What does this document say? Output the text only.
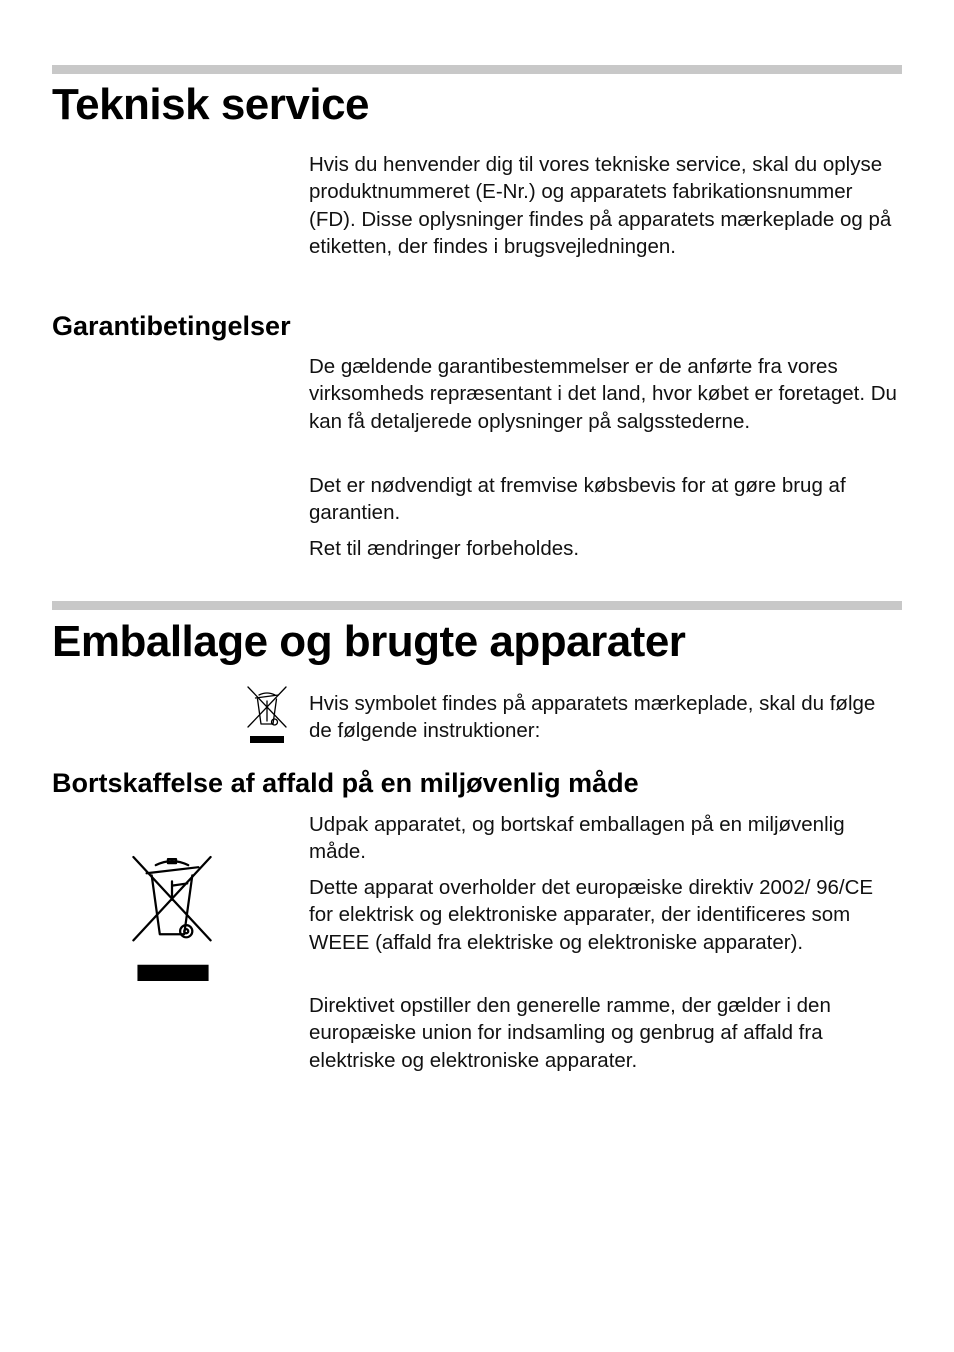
Teknisk service

Hvis du henvender dig til vores tekniske service, skal du oplyse produktnummeret (E-Nr.) og apparatets fabrikationsnummer (FD). Disse oplysninger findes på apparatets mærkeplade og på etiketten, der findes i brugsvejledningen.

Garantibetingelser

De gældende garantibestemmelser er de anførte fra vores virksomheds repræsentant i det land, hvor købet er foretaget. Du kan få detaljerede oplysninger på salgsstederne.

Det er nødvendigt at fremvise købsbevis for at gøre brug af garantien.

Ret til ændringer forbeholdes.

Emballage og brugte apparater

Hvis symbolet findes på apparatets mærkeplade, skal du følge de følgende instruktioner:

Bortskaffelse af affald på en miljøvenlig måde

Udpak apparatet, og bortskaf emballagen på en miljøvenlig måde.

Dette apparat overholder det europæiske direktiv 2002/ 96/CE for elektrisk og elektroniske apparater, der identificeres som WEEE (affald fra elektriske og elektroniske apparater).

Direktivet opstiller den generelle ramme, der gælder i den europæiske union for indsamling og genbrug af affald fra elektriske og elektroniske apparater.
